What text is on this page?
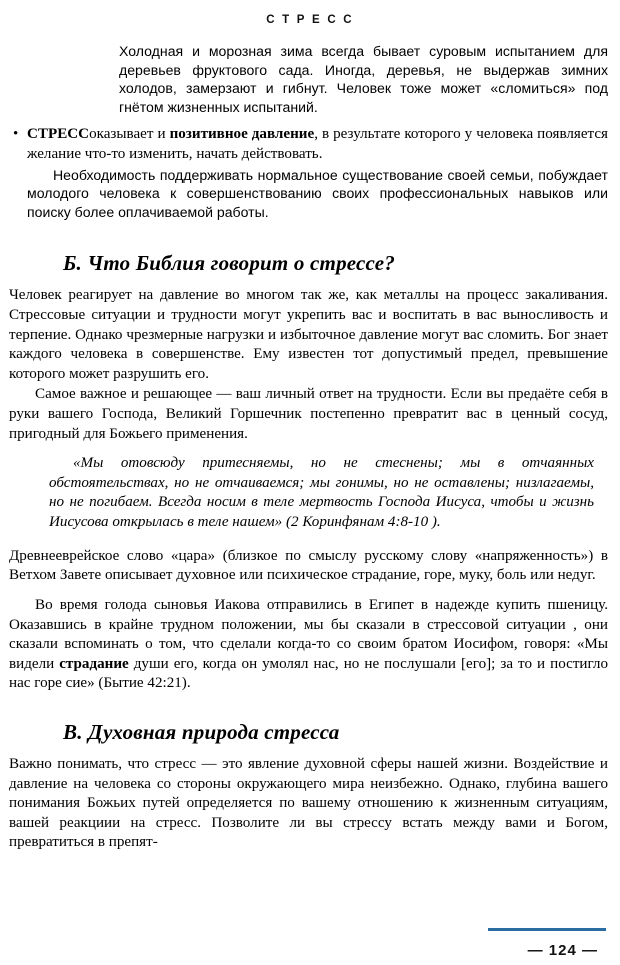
С Т Р Е С С

Холодная и морозная зима всегда бывает суровым испытанием для деревьев фруктового сада. Иногда, деревья, не выдержав зимних холодов, замерзают и гибнут. Человек тоже может «сломиться» под гнётом жизненных испытаний.

• СТРЕССоказывает и позитивное давление, в результате которого у человека появляется желание что-то изменить, начать действовать.

Необходимость поддерживать нормальное существование своей семьи, побуждает молодого человека к совершенствованию своих профессиональных навыков или поиску более оплачиваемой работы.

Б. Что Библия говорит о стрессе?

Человек реагирует на давление во многом так же, как металлы на процесс закаливания. Стрессовые ситуации и трудности могут укрепить вас и воспитать в вас выносливость и терпение. Однако чрезмерные нагрузки и избыточное давление могут вас сломить. Бог знает каждого человека в совершенстве. Ему известен тот допустимый предел, превышение которого может разрушить его.

Самое важное и решающее — ваш личный ответ на трудности. Если вы предаёте себя в руки вашего Господа, Великий Горшечник постепенно превратит вас в ценный сосуд, пригодный для Божьего применения.

«Мы отовсюду притесняемы, но не стеснены; мы в отчаянных обстоятельствах, но не отчаиваемся; мы гонимы, но не оставлены; низлагаемы, но не погибаем. Всегда носим в теле мертвость Господа Иисуса, чтобы и жизнь Иисусова открылась в теле нашем» (2 Коринфянам 4:8-10 ).

Древнееврейское слово «цара» (близкое по смыслу русскому слову «напряженность») в Ветхом Завете описывает духовное или психическое страдание, горе, муку, боль или недуг.

Во время голода сыновья Иакова отправились в Египет в надежде купить пшеницу. Оказавшись в крайне трудном положении, мы бы сказали в стрессовой ситуации , они сказали вспоминать о том, что сделали когда-то со своим братом Иосифом, говоря: «Мы видели страдание души его, когда он умолял нас, но не послушали [его]; за то и постигло нас горе сие» (Бытие 42:21).

В. Духовная природа стресса

Важно понимать, что стресс — это явление духовной сферы нашей жизни. Воздействие и давление на человека со стороны окружающего мира неизбежно. Однако, глубина вашего понимания Божьих путей определяется по вашему отношению к жизненным ситуациям, вашей реакциии на стресс. Позволите ли вы стрессу встать между вами и Богом, превратиться в препят-

— 124 —
